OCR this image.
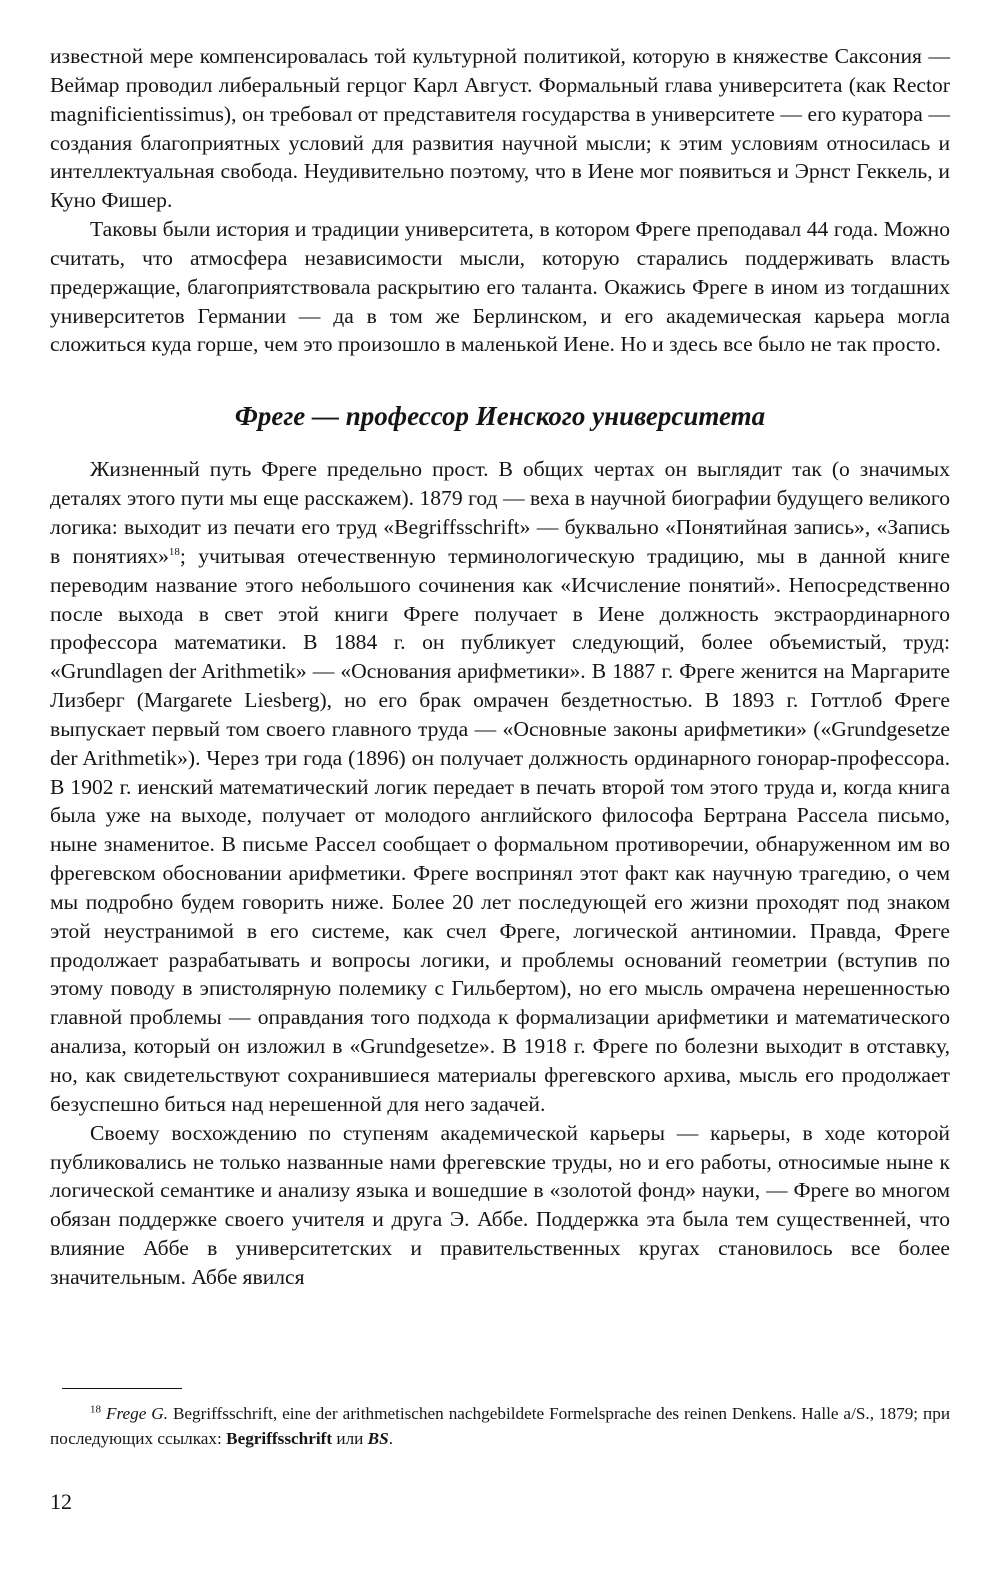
известной мере компенсировалась той культурной политикой, которую в княжестве Саксония — Веймар проводил либеральный герцог Карл Август. Формальный глава университета (как Rector magnificientissimus), он требовал от представителя государства в университете — его куратора — создания благоприятных условий для развития научной мысли; к этим условиям относилась и интеллектуальная свобода. Неудивительно поэтому, что в Иене мог появиться и Эрнст Геккель, и Куно Фишер.

Таковы были история и традиции университета, в котором Фреге преподавал 44 года. Можно считать, что атмосфера независимости мысли, которую старались поддерживать власть предержащие, благоприятствовала раскрытию его таланта. Окажись Фреге в ином из тогдашних университетов Германии — да в том же Берлинском, и его академическая карьера могла сложиться куда горше, чем это произошло в маленькой Иене. Но и здесь все было не так просто.

Фреге — профессор Иенского университета

Жизненный путь Фреге предельно прост. В общих чертах он выглядит так (о значимых деталях этого пути мы еще расскажем). 1879 год — веха в научной биографии будущего великого логика: выходит из печати его труд «Begriffsschrift» — буквально «Понятийная запись», «Запись в понятиях»$^{18}$; учитывая отечественную терминологическую традицию, мы в данной книге переводим название этого небольшого сочинения как «Исчисление понятий». Непосредственно после выхода в свет этой книги Фреге получает в Иене должность экстраординарного профессора математики. В 1884 г. он публикует следующий, более объемистый, труд: «Grundlagen der Arithmetik» — «Основания арифметики». В 1887 г. Фреге женится на Маргарите Лизберг (Margarete Liesberg), но его брак омрачен бездетностью. В 1893 г. Готтлоб Фреге выпускает первый том своего главного труда — «Основные законы арифметики» («Grundgesetze der Arithmetik»). Через три года (1896) он получает должность ординарного гонорар-профессора. В 1902 г. иенский математический логик передает в печать второй том этого труда и, когда книга была уже на выходе, получает от молодого английского философа Бертрана Рассела письмо, ныне знаменитое. В письме Рассел сообщает о формальном противоречии, обнаруженном им во фрегевском обосновании арифметики. Фреге воспринял этот факт как научную трагедию, о чем мы подробно будем говорить ниже. Более 20 лет последующей его жизни проходят под знаком этой неустранимой в его системе, как счел Фреге, логической антиномии. Правда, Фреге продолжает разрабатывать и вопросы логики, и проблемы оснований геометрии (вступив по этому поводу в эпистолярную полемику с Гильбертом), но его мысль омрачена нерешенностью главной проблемы — оправдания того подхода к формализации арифметики и математического анализа, который он изложил в «Grundgesetze». В 1918 г. Фреге по болезни выходит в отставку, но, как свидетельствуют сохранившиеся материалы фрегевского архива, мысль его продолжает безуспешно биться над нерешенной для него задачей.

Своему восхождению по ступеням академической карьеры — карьеры, в ходе которой публиковались не только названные нами фрегевские труды, но и его работы, относимые ныне к логической семантике и анализу языка и вошедшие в «золотой фонд» науки, — Фреге во многом обязан поддержке своего учителя и друга Э. Аббе. Поддержка эта была тем существенней, что влияние Аббе в университетских и правительственных кругах становилось все более значительным. Аббе явился

$^{18}$ Frege G. Begriffsschrift, eine der arithmetischen nachgebildete Formelsprache des reinen Denkens. Halle a/S., 1879; при последующих ссылках: Begriffsschrift или BS.

12
